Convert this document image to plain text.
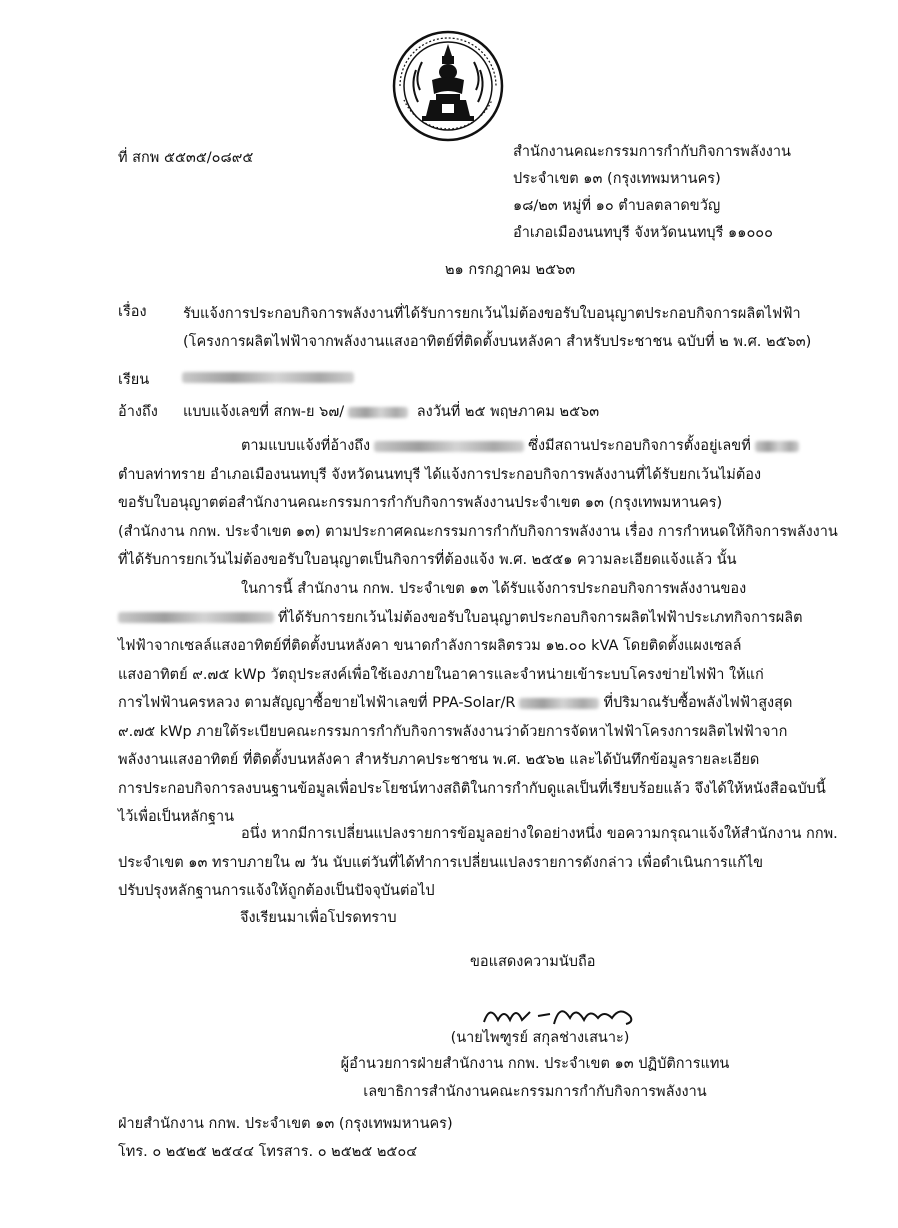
ที่ สกพ ๕๕๓๕/๐๘๙๕	สำนักงานคณะกรรมการกำกับกิจการพลังงาน
ประจำเขต ๑๓ (กรุงเทพมหานคร)
๑๘/๒๓ หมู่ที่ ๑๐ ตำบลตลาดขวัญ
อำเภอเมืองนนทบุรี จังหวัดนนทบุรี ๑๑๐๐๐
๒๑ กรกฎาคม ๒๕๖๓
เรื่อง	รับแจ้งการประกอบกิจการพลังงานที่ได้รับการยกเว้นไม่ต้องขอรับใบอนุญาตประกอบกิจการผลิตไฟฟ้า
(โครงการผลิตไฟฟ้าจากพลังงานแสงอาทิตย์ที่ติดตั้งบนหลังคา สำหรับประชาชน ฉบับที่ ๒ พ.ศ. ๒๕๖๓)
เรียน
อ้างถึง แบบแจ้งเลขที่ สกพ-ย ๖๗/	ลงวันที่ ๒๕ พฤษภาคม ๒๕๖๓
ตามแบบแจ้งที่อ้างถึง	ซึ่งมีสถานประกอบกิจการตั้งอยู่เลขที่
ตำบลท่าทราย อำเภอเมืองนนทบุรี จังหวัดนนทบุรี ได้แจ้งการประกอบกิจการพลังงานที่ได้รับยกเว้นไม่ต้อง
ขอรับใบอนุญาตต่อสำนักงานคณะกรรมการกำกับกิจการพลังงานประจำเขต ๑๓ (กรุงเทพมหานคร)
(สำนักงาน กกพ. ประจำเขต ๑๓) ตามประกาศคณะกรรมการกำกับกิจการพลังงาน เรื่อง การกำหนดให้กิจการพลังงาน
ที่ได้รับการยกเว้นไม่ต้องขอรับใบอนุญาตเป็นกิจการที่ต้องแจ้ง พ.ศ. ๒๕๕๑ ความละเอียดแจ้งแล้ว นั้น
ในการนี้ สำนักงาน กกพ. ประจำเขต ๑๓ ได้รับแจ้งการประกอบกิจการพลังงานของ
ที่ได้รับการยกเว้นไม่ต้องขอรับใบอนุญาตประกอบกิจการผลิตไฟฟ้าประเภทกิจการผลิต
ไฟฟ้าจากเซลล์แสงอาทิตย์ที่ติดตั้งบนหลังคา ขนาดกำลังการผลิตรวม ๑๒.๐๐ kVA โดยติดตั้งแผงเซลล์
แสงอาทิตย์ ๙.๗๕ kWp วัตถุประสงค์เพื่อใช้เองภายในอาคารและจำหน่ายเข้าระบบโครงข่ายไฟฟ้า ให้แก่
การไฟฟ้านครหลวง ตามสัญญาซื้อขายไฟฟ้าเลขที่ PPA-Solar/R	ที่ปริมาณรับซื้อพลังไฟฟ้าสูงสุด
๙.๗๕ kWp ภายใต้ระเบียบคณะกรรมการกำกับกิจการพลังงานว่าด้วยการจัดหาไฟฟ้าโครงการผลิตไฟฟ้าจาก
พลังงานแสงอาทิตย์ ที่ติดตั้งบนหลังคา สำหรับภาคประชาชน พ.ศ. ๒๕๖๒ และได้บันทึกข้อมูลรายละเอียด
การประกอบกิจการลงบนฐานข้อมูลเพื่อประโยชน์ทางสถิติในการกำกับดูแลเป็นที่เรียบร้อยแล้ว จึงได้ให้หนังสือฉบับนี้
ไว้เพื่อเป็นหลักฐาน
อนึ่ง หากมีการเปลี่ยนแปลงรายการข้อมูลอย่างใดอย่างหนึ่ง ขอความกรุณาแจ้งให้สำนักงาน กกพ.
ประจำเขต ๑๓ ทราบภายใน ๗ วัน นับแต่วันที่ได้ทำการเปลี่ยนแปลงรายการดังกล่าว เพื่อดำเนินการแก้ไข
ปรับปรุงหลักฐานการแจ้งให้ถูกต้องเป็นปัจจุบันต่อไป
จึงเรียนมาเพื่อโปรดทราบ
ขอแสดงความนับถือ
(นายไพฑูรย์ สกุลช่างเสนาะ)
ผู้อำนวยการฝ่ายสำนักงาน กกพ. ประจำเขต ๑๓ ปฏิบัติการแทน
เลขาธิการสำนักงานคณะกรรมการกำกับกิจการพลังงาน
ฝ่ายสำนักงาน กกพ. ประจำเขต ๑๓ (กรุงเทพมหานคร)
โทร. ๐ ๒๕๒๕ ๒๕๔๔ โทรสาร. ๐ ๒๕๒๕ ๒๕๐๔
